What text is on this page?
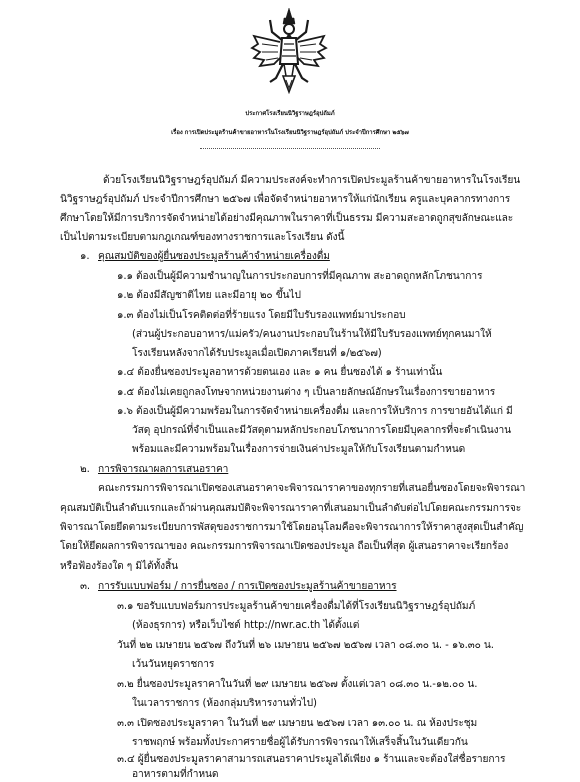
ประกาศโรงเรียนนิวิฐราษฎร์อุปถัมภ์
เรื่อง การเปิดประมูลร้านค้าขายอาหารในโรงเรียนนิวิฐราษฎร์อุปถัมภ์ ประจำปีการศึกษา ๒๕๖๗
ด้วยโรงเรียนนิวิฐราษฎร์อุปถัมภ์ มีความประสงค์จะทำการเปิดประมูลร้านค้าขายอาหารในโรงเรียน
นิวิฐราษฎร์อุปถัมภ์ ประจำปีการศึกษา ๒๕๖๗ เพื่อจัดจำหน่ายอาหารให้แก่นักเรียน ครูและบุคลากรทางการ
ศึกษาโดยให้มีการบริการจัดจำหน่ายได้อย่างมีคุณภาพในราคาที่เป็นธรรม มีความสะอาดถูกสุขลักษณะและ
เป็นไปตามระเบียบตามกฎเกณฑ์ของทางราชการและโรงเรียน ดังนี้
๑. คุณสมบัติของผู้ยื่นซองประมูลร้านค้าจำหน่ายเครื่องดื่ม
๑.๑ ต้องเป็นผู้มีความชำนาญในการประกอบการที่มีคุณภาพ สะอาดถูกหลักโภชนาการ
๑.๒ ต้องมีสัญชาติไทย และมีอายุ ๒๐ ขึ้นไป
๑.๓ ต้องไม่เป็นโรคติดต่อที่ร้ายแรง โดยมีใบรับรองแพทย์มาประกอบ
(ส่วนผู้ประกอบอาหาร/แม่ครัว/คนงานประกอบในร้านให้มีใบรับรองแพทย์ทุกคนมาให้
โรงเรียนหลังจากได้รับประมูลเมื่อเปิดภาคเรียนที่ ๑/๒๕๖๗)
๑.๔ ต้องยื่นซองประมูลอาหารด้วยตนเอง และ ๑ คน ยื่นซองได้ ๑ ร้านเท่านั้น
๑.๕ ต้องไม่เคยถูกลงโทษจากหน่วยงานต่าง ๆ เป็นลายลักษณ์อักษรในเรื่องการขายอาหาร
๑.๖ ต้องเป็นผู้มีความพร้อมในการจัดจำหน่ายเครื่องดื่ม และการให้บริการ การขายอันได้แก่ มี
วัสดุ อุปกรณ์ที่จำเป็นและมีวัสดุตามหลักประกอบโภชนาการโดยมีบุคลากรที่จะดำเนินงาน
พร้อมและมีความพร้อมในเรื่องการจ่ายเงินค่าประมูลให้กับโรงเรียนตามกำหนด
๒. การพิจารณาผลการเสนอราคา
คณะกรรมการพิจารณาเปิดซองเสนอราคาจะพิจารณาราคาของทุกรายที่เสนอยื่นซองโดยจะพิจารณา
คุณสมบัติเป็นลำดับแรกและถ้าผ่านคุณสมบัติจะพิจารณาราคาที่เสนอมาเป็นลำดับต่อไปโดยคณะกรรมการจะ
พิจารณาโดยยึดตามระเบียบการพัสดุของราชการมาใช้โดยอนุโลมคือจะพิจารณาการให้ราคาสูงสุดเป็นสำคัญ
โดยให้ยึดผลการพิจารณาของ คณะกรรมการพิจารณาเปิดซองประมูล ถือเป็นที่สุด ผู้เสนอราคาจะเรียกร้อง
หรือฟ้องร้องใด ๆ มิได้ทั้งสิ้น
๓. การรับแบบฟอร์ม / การยื่นซอง / การเปิดซองประมูลร้านค้าขายอาหาร
๓.๑ ขอรับแบบฟอร์มการประมูลร้านค้าขายเครื่องดื่มได้ที่โรงเรียนนิวิฐราษฎร์อุปถัมภ์
(ห้องธุรการ) หรือเว็บไซต์ http://nwr.ac.th ได้ตั้งแต่
วันที่ ๒๒ เมษายน ๒๕๖๗ ถึงวันที่ ๒๖ เมษายน ๒๕๖๗ ๒๕๖๗ เวลา ๐๘.๓๐ น. - ๑๖.๓๐ น.
เว้นวันหยุดราชการ
๓.๒ ยื่นซองประมูลราคาในวันที่ ๒๙ เมษายน ๒๕๖๗ ตั้งแต่เวลา ๐๘.๓๐ น.-๑๒.๐๐ น.
ในเวลาราชการ (ห้องกลุ่มบริหารงานทั่วไป)
๓.๓ เปิดซองประมูลราคา ในวันที่ ๒๙ เมษายน ๒๕๖๗ เวลา ๑๓.๐๐ น. ณ ห้องประชุม
ราชพฤกษ์ พร้อมทั้งประกาศรายชื่อผู้ได้รับการพิจารณาให้เสร็จสิ้นในวันเดียวกัน
๓.๔ ผู้ยื่นซองประมูลราคาสามารถเสนอราคาประมูลได้เพียง ๑ ร้านและจะต้องใส่ชื่อรายการ
อาหารตามที่กำหนด
